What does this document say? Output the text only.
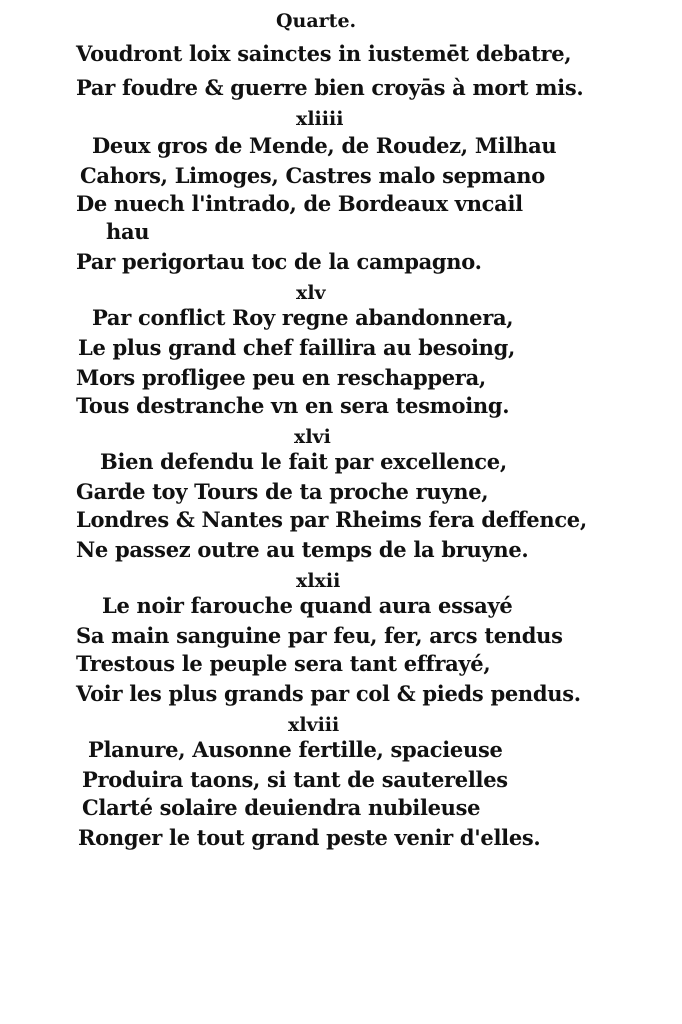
Quarte.
Voudront loix sainctes in iustemēt debatre,
Par foudre & guerre bien croyās à mort mis.
xliiii
Deux gros de Mende, de Roudez, Milhau
Cahors, Limoges, Castres malo sepmano
De nuech l'intrado, de Bordeaux vncail
hau
Par perigortau toc de la campagno.
xlv
Par conflict Roy regne abandonnera,
Le plus grand chef faillira au besoing,
Mors profligee peu en reschappera,
Tous destranche vn en sera tesmoing.
xlvi
Bien defendu le fait par excellence,
Garde toy Tours de ta proche ruyne,
Londres & Nantes par Rheims fera deffence,
Ne passez outre au temps de la bruyne.
xlxii
Le noir farouche quand aura essayé
Sa main sanguine par feu, fer, arcs tendus
Trestous le peuple sera tant effrayé,
Voir les plus grands par col & pieds pendus.
xlviii
Planure, Ausonne fertille, spacieuse
Produira taons, si tant de sauterelles
Clarté solaire deuiendra nubileuse
Ronger le tout grand peste venir d'elles.
